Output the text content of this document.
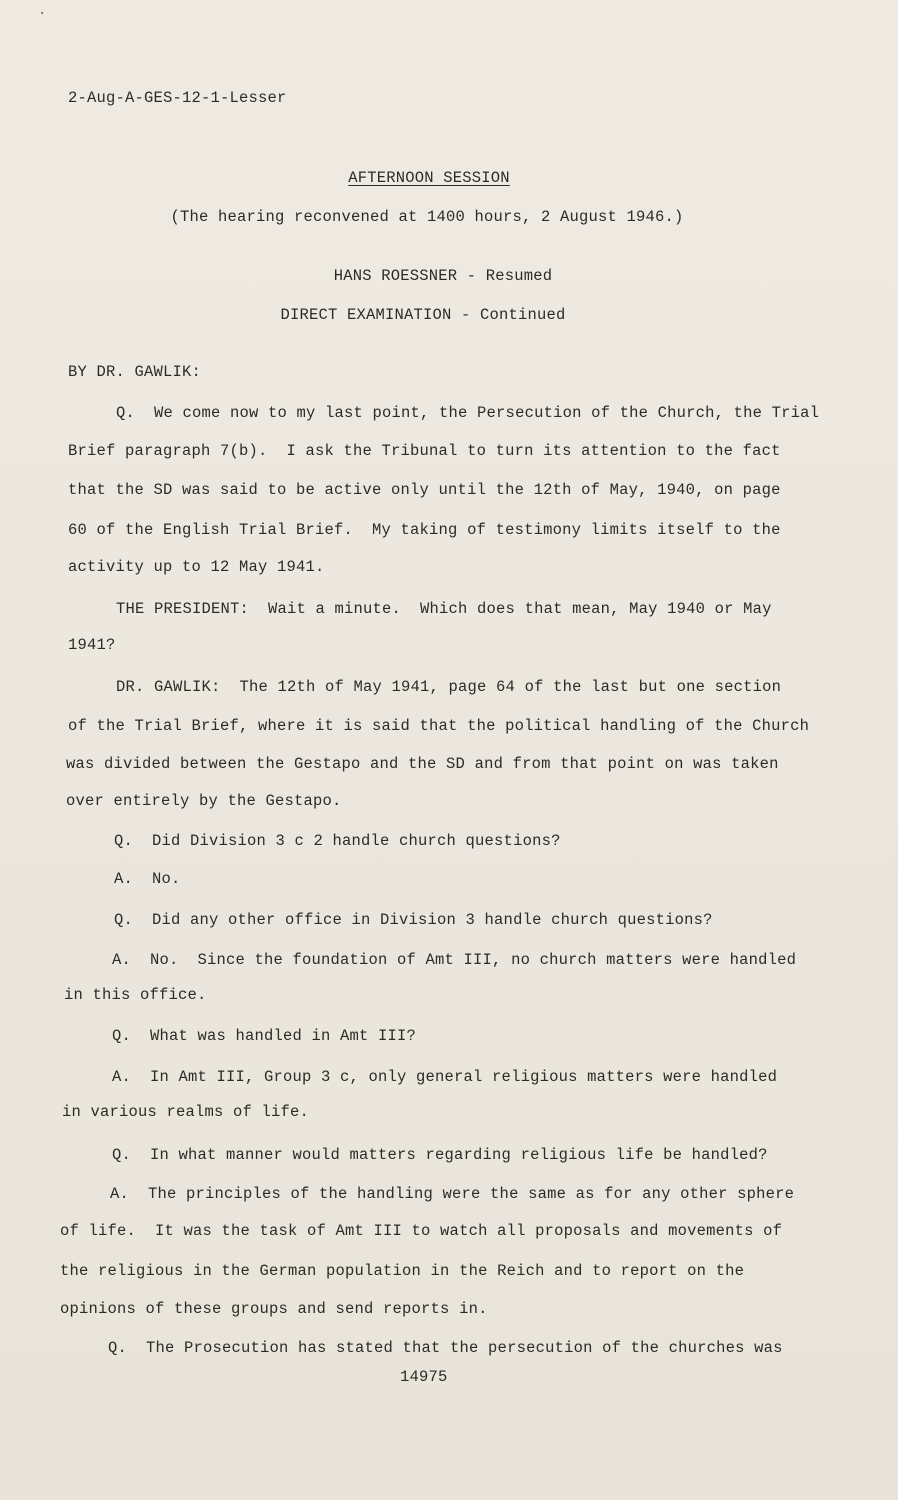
·
2-Aug-A-GES-12-1-Lesser
AFTERNOON SESSION
(The hearing reconvened at 1400 hours, 2 August 1946.)
HANS ROESSNER - Resumed
DIRECT EXAMINATION - Continued
BY DR. GAWLIK:
Q.  We come now to my last point, the Persecution of the Church, the Trial
Brief paragraph 7(b).  I ask the Tribunal to turn its attention to the fact
that the SD was said to be active only until the 12th of May, 1940, on page
60 of the English Trial Brief.  My taking of testimony limits itself to the
activity up to 12 May 1941.
THE PRESIDENT:  Wait a minute.  Which does that mean, May 1940 or May
1941?
DR. GAWLIK:  The 12th of May 1941, page 64 of the last but one section
of the Trial Brief, where it is said that the political handling of the Church
was divided between the Gestapo and the SD and from that point on was taken
over entirely by the Gestapo.
Q.  Did Division 3 c 2 handle church questions?
A.  No.
Q.  Did any other office in Division 3 handle church questions?
A.  No.  Since the foundation of Amt III, no church matters were handled
in this office.
Q.  What was handled in Amt III?
A.  In Amt III, Group 3 c, only general religious matters were handled
in various realms of life.
Q.  In what manner would matters regarding religious life be handled?
A.  The principles of the handling were the same as for any other sphere
of life.  It was the task of Amt III to watch all proposals and movements of
the religious in the German population in the Reich and to report on the
opinions of these groups and send reports in.
Q.  The Prosecution has stated that the persecution of the churches was
14975
